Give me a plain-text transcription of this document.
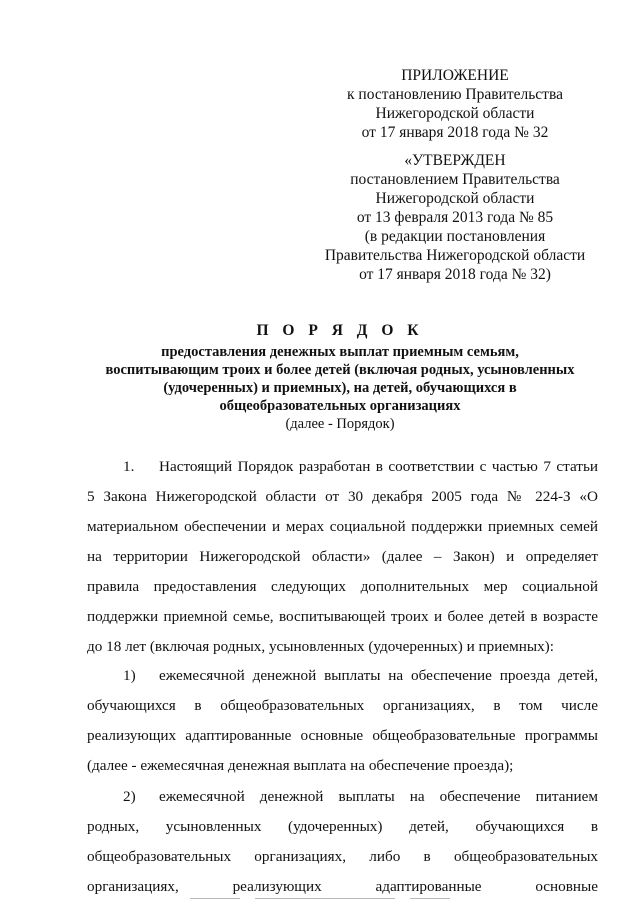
ПРИЛОЖЕНИЕ
к постановлению Правительства
Нижегородской области
от 17 января 2018 года № 32
«УТВЕРЖДЕН
постановлением Правительства
Нижегородской области
от 13 февраля 2013 года № 85
(в редакции постановления
Правительства Нижегородской области
от 17 января 2018 года № 32)
П О Р Я Д О К
предоставления денежных выплат приемным семьям,
воспитывающим троих и более детей (включая родных, усыновленных
(удочеренных) и приемных), на детей, обучающихся в
общеобразовательных организациях
(далее - Порядок)
1. Настоящий Порядок разработан в соответствии с частью 7 статьи
5 Закона Нижегородской области от 30 декабря 2005 года № 224-З «О
материальном обеспечении и мерах социальной поддержки приемных семей
на территории Нижегородской области» (далее – Закон) и определяет
правила предоставления следующих дополнительных мер социальной
поддержки приемной семье, воспитывающей троих и более детей в возрасте
до 18 лет (включая родных, усыновленных (удочеренных) и приемных):
1) ежемесячной денежной выплаты на обеспечение проезда детей,
обучающихся в общеобразовательных организациях, в том числе
реализующих адаптированные основные общеобразовательные программы
(далее - ежемесячная денежная выплата на обеспечение проезда);
2) ежемесячной денежной выплаты на обеспечение питанием
родных, усыновленных (удочеренных) детей, обучающихся в
общеобразовательных организациях, либо в общеобразовательных
организациях, реализующих адаптированные основные
